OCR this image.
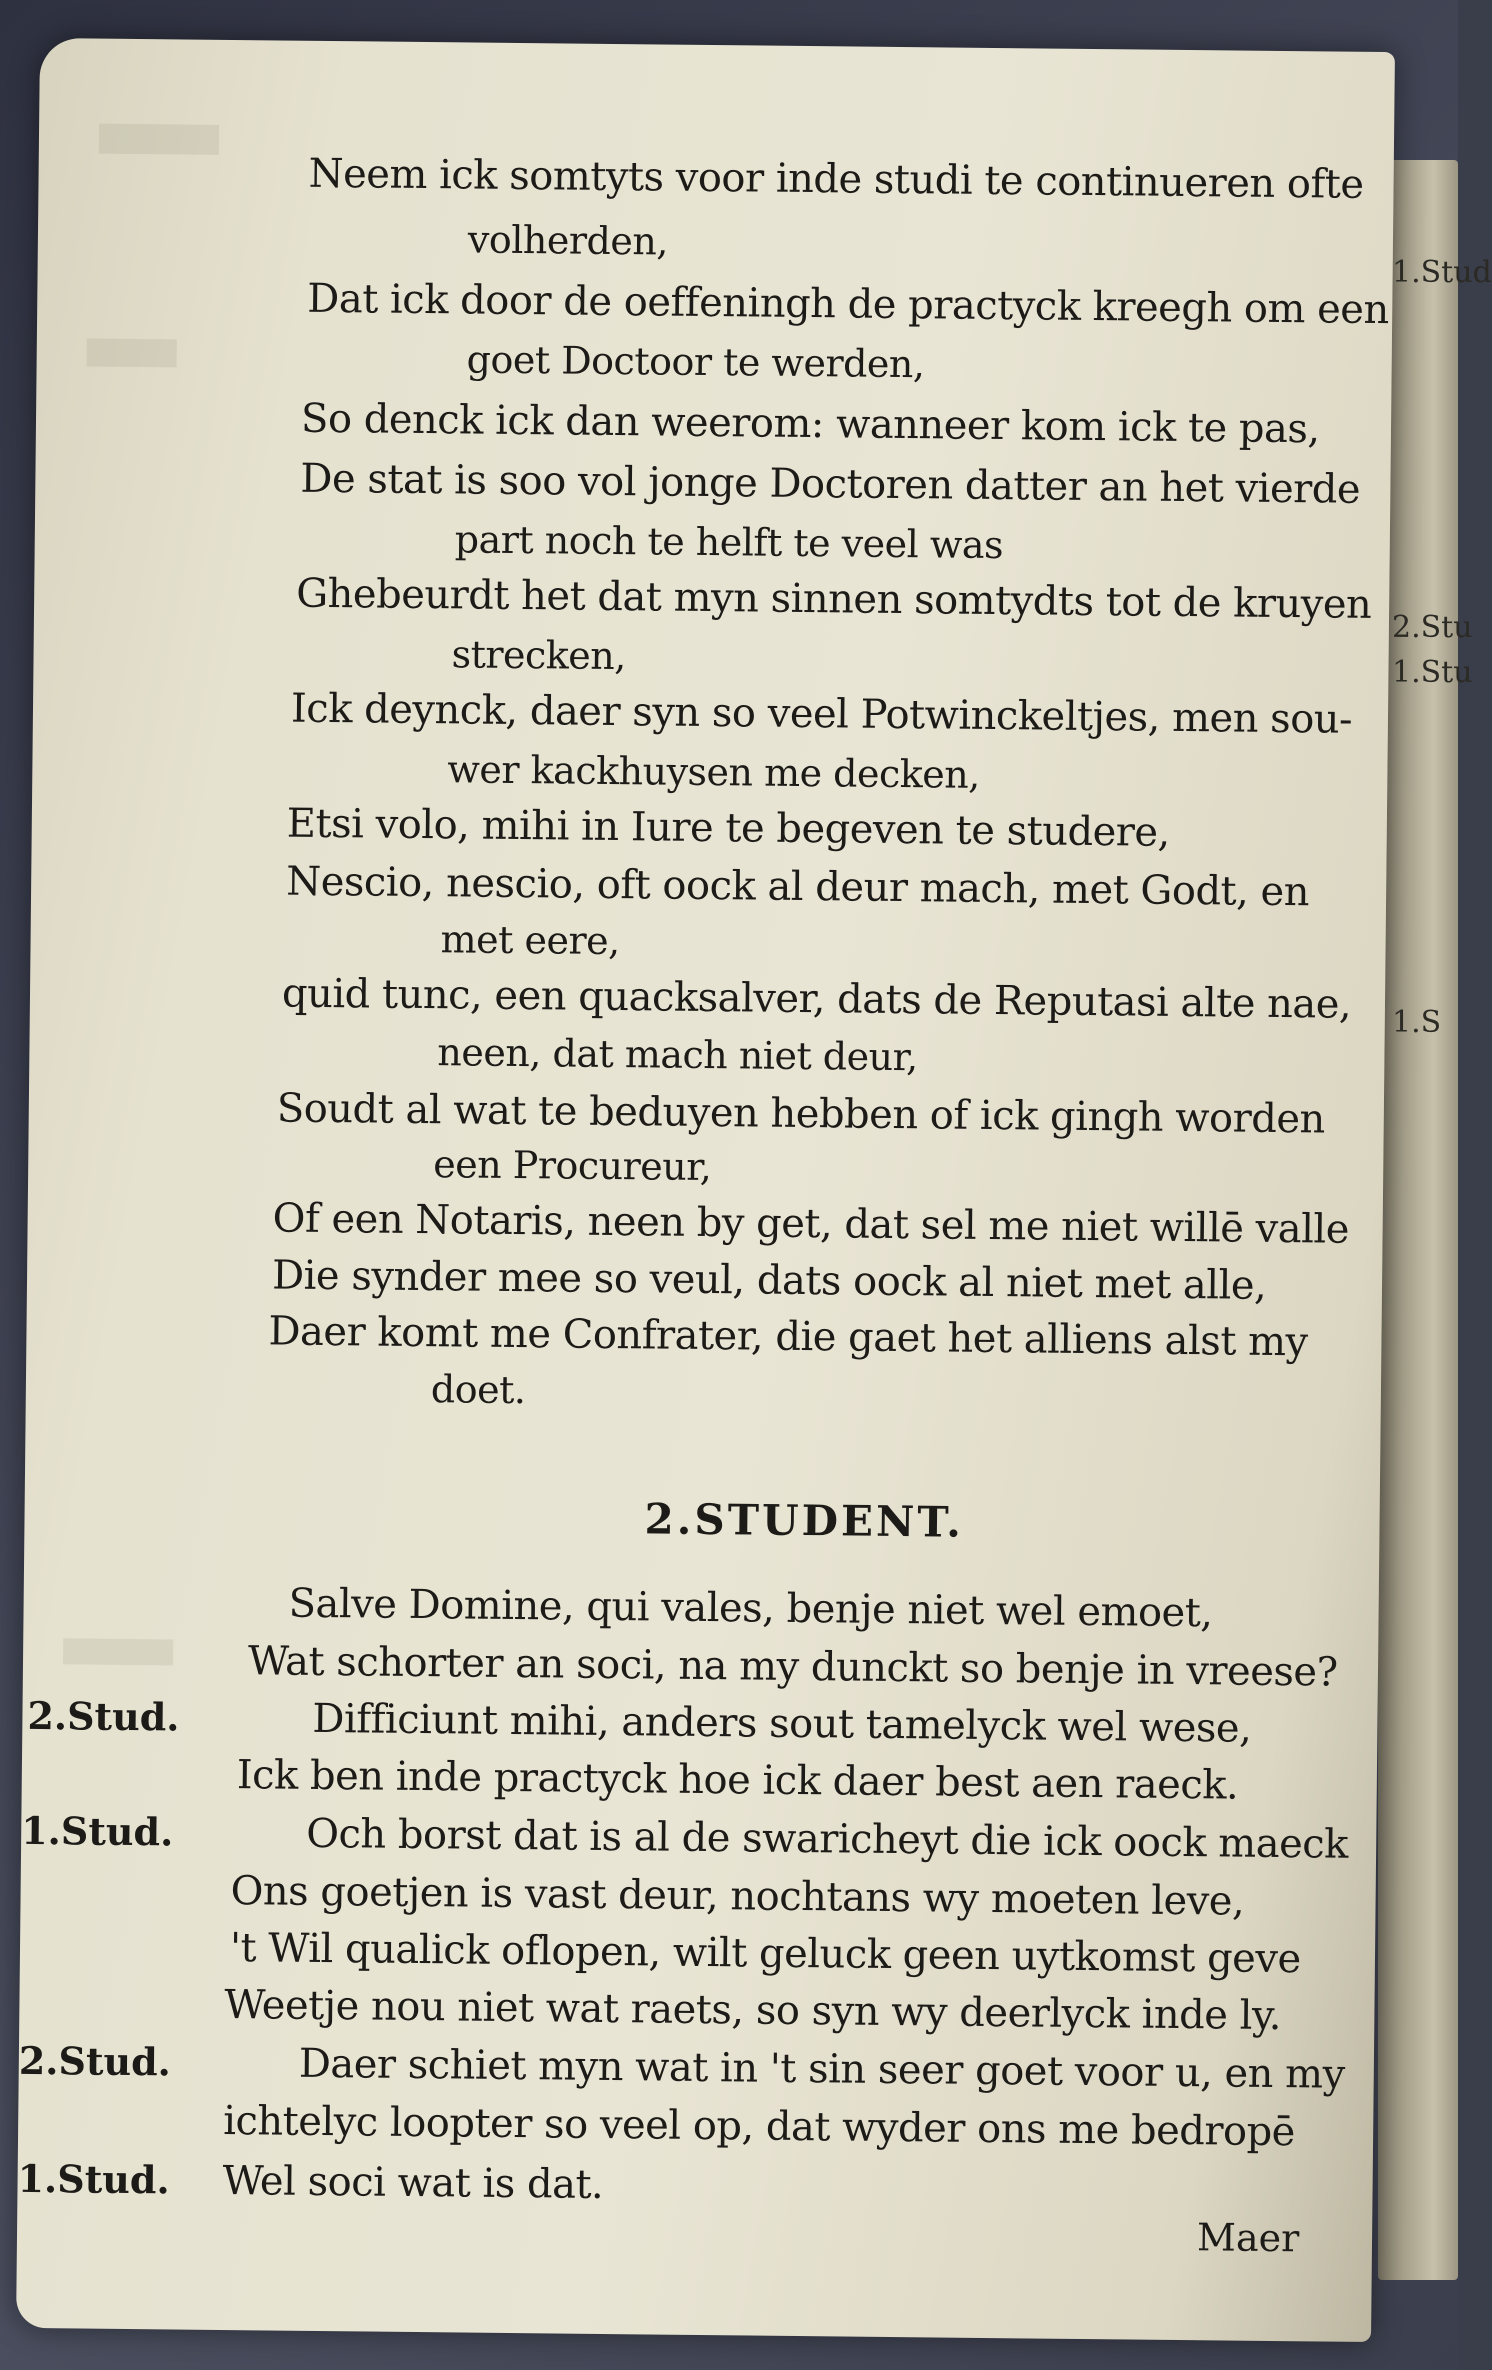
Neem ick somtyts voor inde studi te continueren ofte
volherden,
Dat ick door de oeffeningh de practyck kreegh om een
goet Doctoor te werden,
So denck ick dan weerom: wanneer kom ick te pas,
De stat is soo vol jonge Doctoren datter an het vierde
part noch te helft te veel was
Ghebeurdt het dat myn sinnen somtydts tot de kruyen
strecken,
Ick deynck, daer syn so veel Potwinckeltjes, men sou-
wer kackhuysen me decken,
Etsi volo, mihi in Iure te begeven te studere,
Nescio, nescio, oft oock al deur mach, met Godt, en
met eere,
quid tunc, een quacksalver, dats de Reputasi alte nae,
neen, dat mach niet deur,
Soudt al wat te beduyen hebben of ick gingh worden
een Procureur,
Of een Notaris, neen by get, dat sel me niet willē valle
Die synder mee so veul, dats oock al niet met alle,
Daer komt me Confrater, die gaet het alliens alst my
doet.
2.STUDENT.
Salve Domine, qui vales, benje niet wel emoet,
Wat schorter an soci, na my dunckt so benje in vreese?
2.Stud.	Difficiunt mihi, anders sout tamelyck wel wese,
Ick ben inde practyck hoe ick daer best aen raeck.
1.Stud.	Och borst dat is al de swaricheyt die ick oock maeck
Ons goetjen is vast deur, nochtans wy moeten leve,
't Wil qualick oflopen, wilt geluck geen uytkomst geve
Weetje nou niet wat raets, so syn wy deerlyck inde ly.
2.Stud.	Daer schiet myn wat in 't sin seer goet voor u, en my
ichtelyc loopter so veel op, dat wyder ons me bedropē
1.Stud. Wel soci wat is dat.
Maer
1.Stud
2.Stu
1.Stu
1.S
